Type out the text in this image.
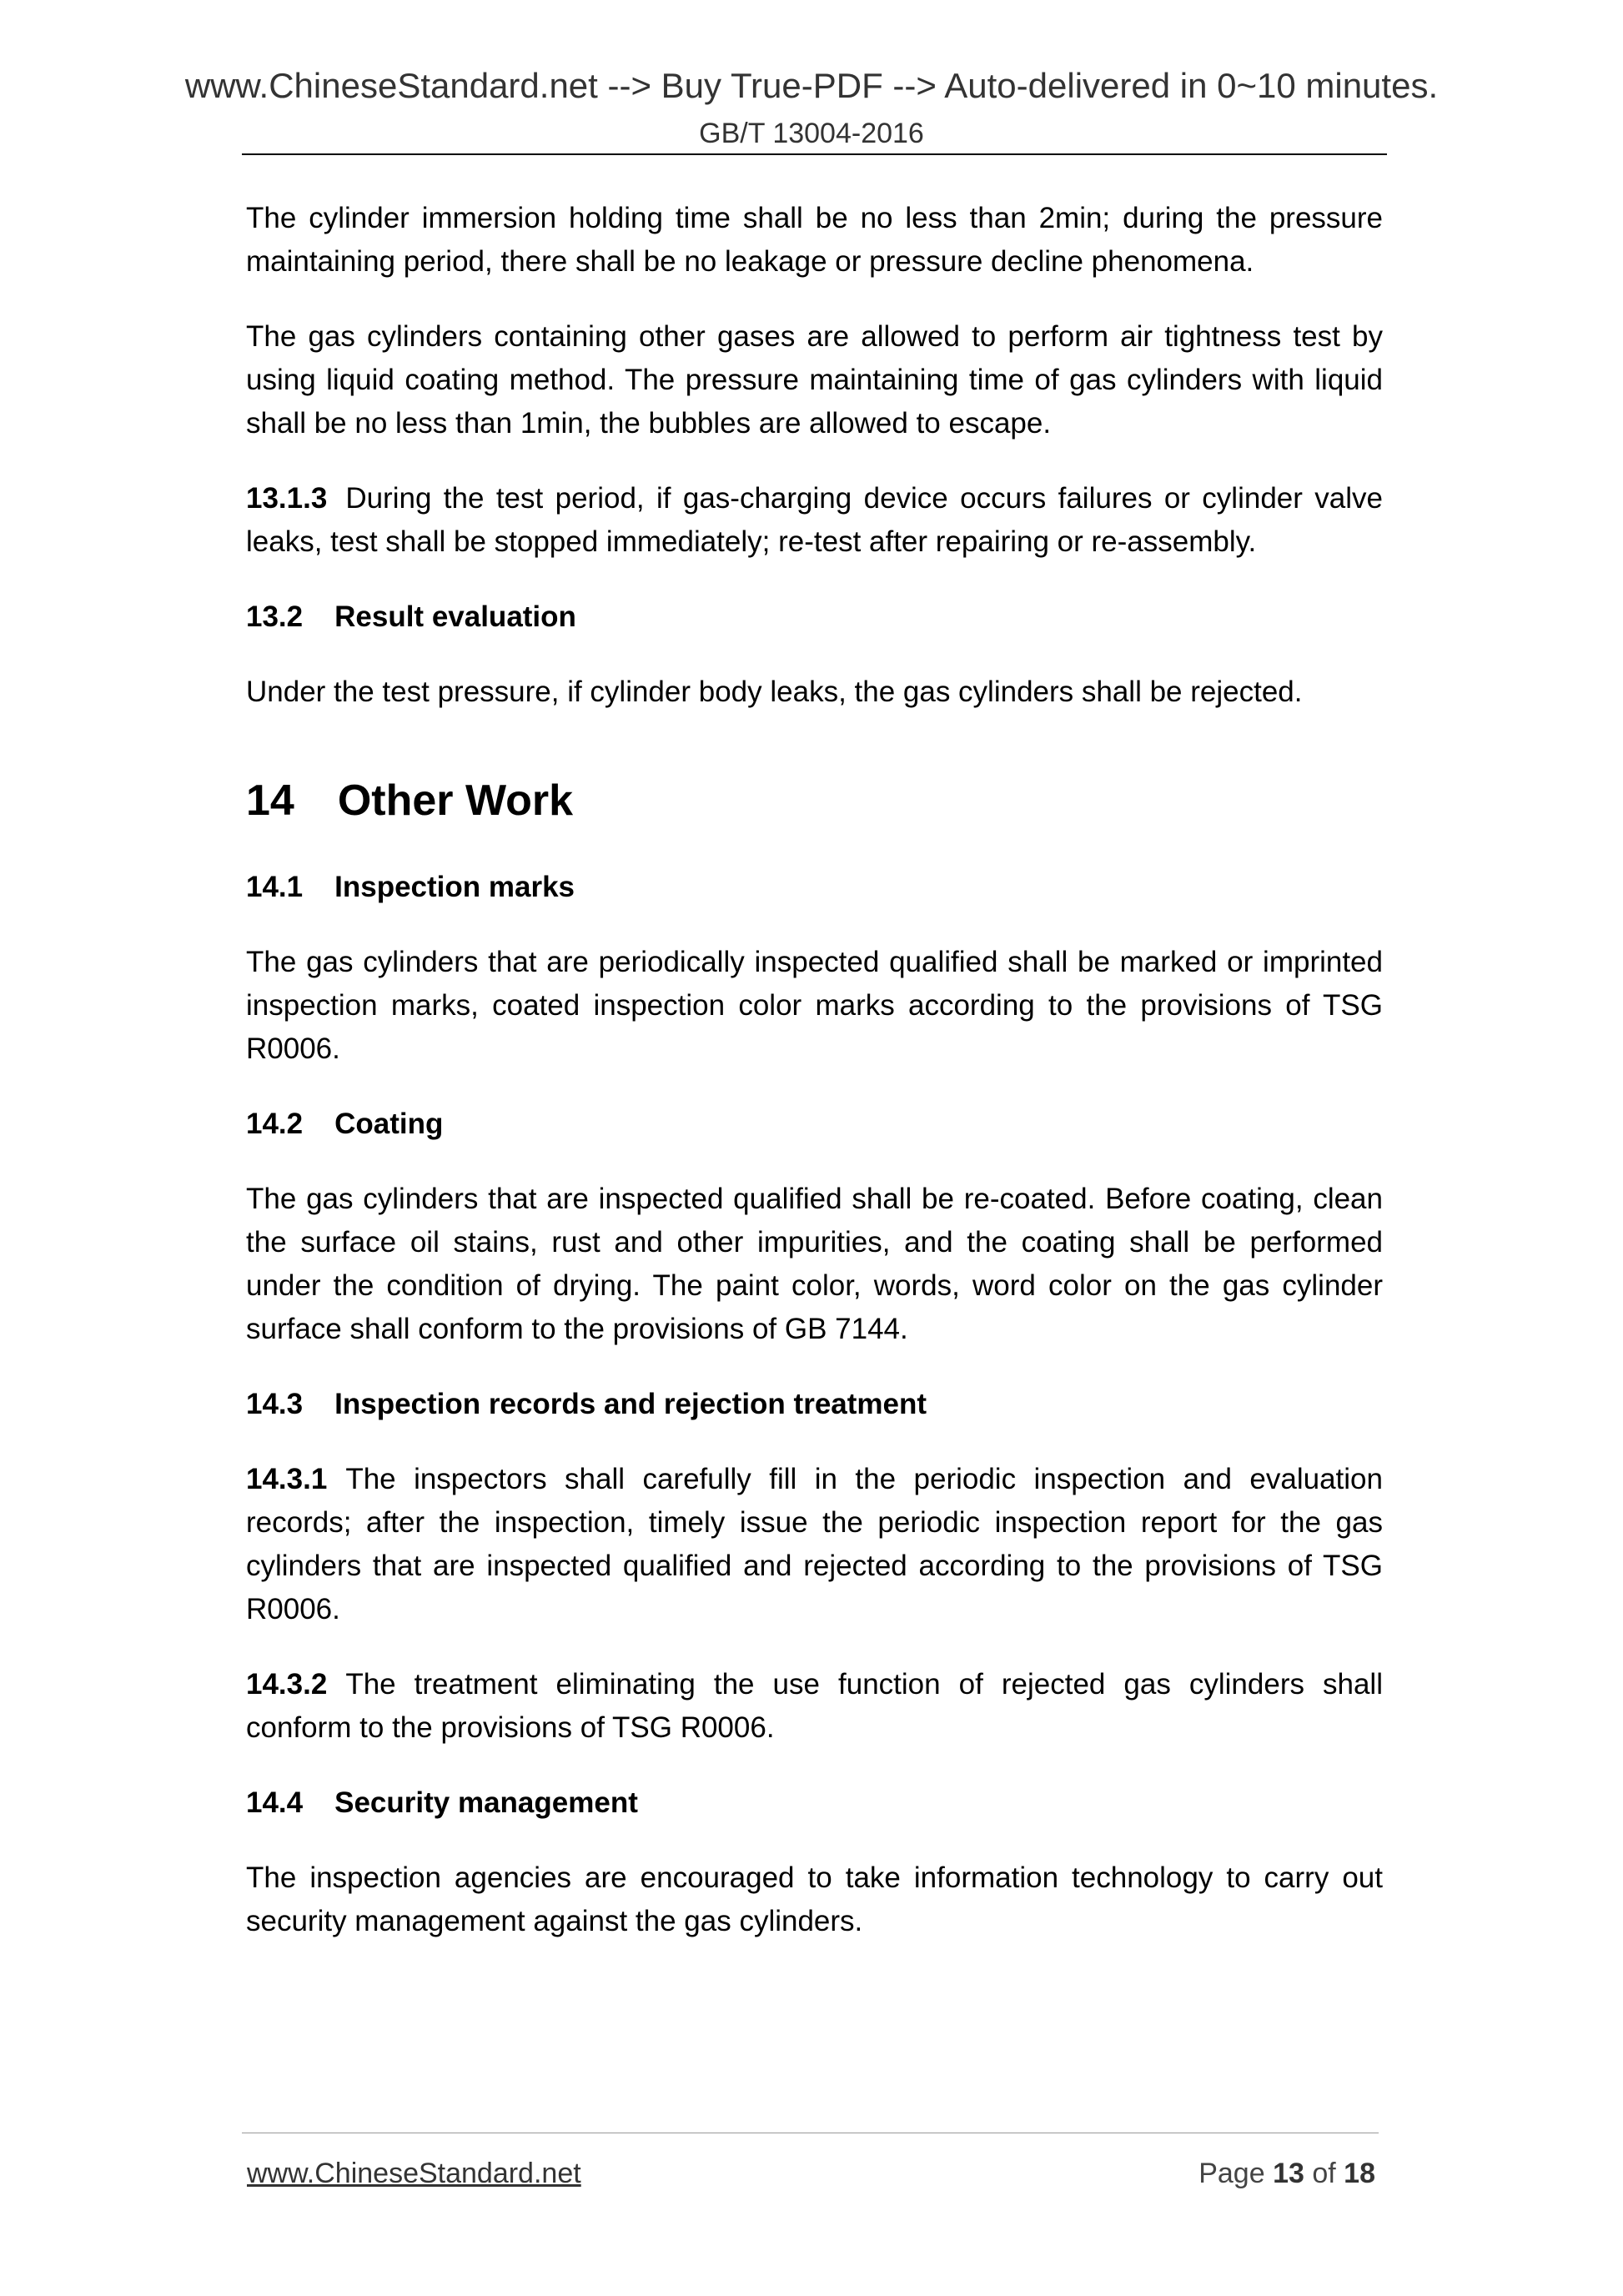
www.ChineseStandard.net --> Buy True-PDF --> Auto-delivered in 0~10 minutes.
GB/T 13004-2016

The cylinder immersion holding time shall be no less than 2min; during the pressure maintaining period, there shall be no leakage or pressure decline phenomena.

The gas cylinders containing other gases are allowed to perform air tightness test by using liquid coating method. The pressure maintaining time of gas cylinders with liquid shall be no less than 1min, the bubbles are allowed to escape.

13.1.3 During the test period, if gas-charging device occurs failures or cylinder valve leaks, test shall be stopped immediately; re-test after repairing or re-assembly.

13.2 Result evaluation

Under the test pressure, if cylinder body leaks, the gas cylinders shall be rejected.

14 Other Work
14.1 Inspection marks

The gas cylinders that are periodically inspected qualified shall be marked or imprinted inspection marks, coated inspection color marks according to the provisions of TSG R0006.

14.2 Coating

The gas cylinders that are inspected qualified shall be re-coated. Before coating, clean the surface oil stains, rust and other impurities, and the coating shall be performed under the condition of drying. The paint color, words, word color on the gas cylinder surface shall conform to the provisions of GB 7144.

14.3 Inspection records and rejection treatment

14.3.1 The inspectors shall carefully fill in the periodic inspection and evaluation records; after the inspection, timely issue the periodic inspection report for the gas cylinders that are inspected qualified and rejected according to the provisions of TSG R0006.

14.3.2 The treatment eliminating the use function of rejected gas cylinders shall conform to the provisions of TSG R0006.

14.4 Security management

The inspection agencies are encouraged to take information technology to carry out security management against the gas cylinders.

www.ChineseStandard.net	Page 13 of 18
